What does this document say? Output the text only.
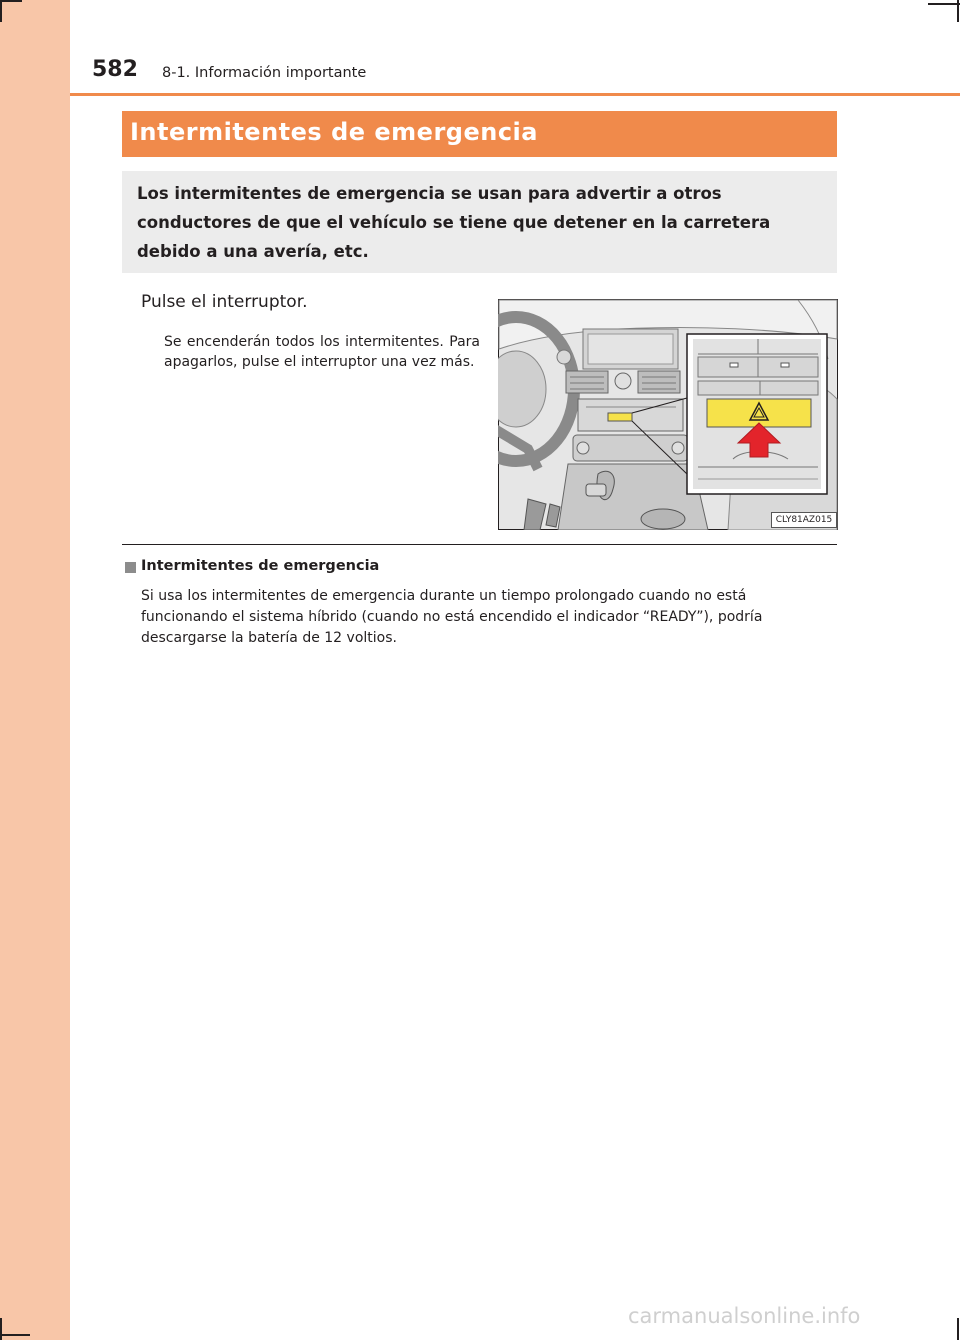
582 8-1. Información importante
Intermitentes de emergencia
Los intermitentes de emergencia se usan para advertir a otros conductores de que el vehículo se tiene que detener en la carretera debido a una avería, etc.
Pulse el interruptor.
Se encenderán todos los intermitentes. Para apagarlos, pulse el interruptor una vez más.
CLY81AZ015
Intermitentes de emergencia
Si usa los intermitentes de emergencia durante un tiempo prolongado cuando no está funcionando el sistema híbrido (cuando no está encendido el indicador “READY”), podría descargarse la batería de 12 voltios.
carmanualsonline.info
